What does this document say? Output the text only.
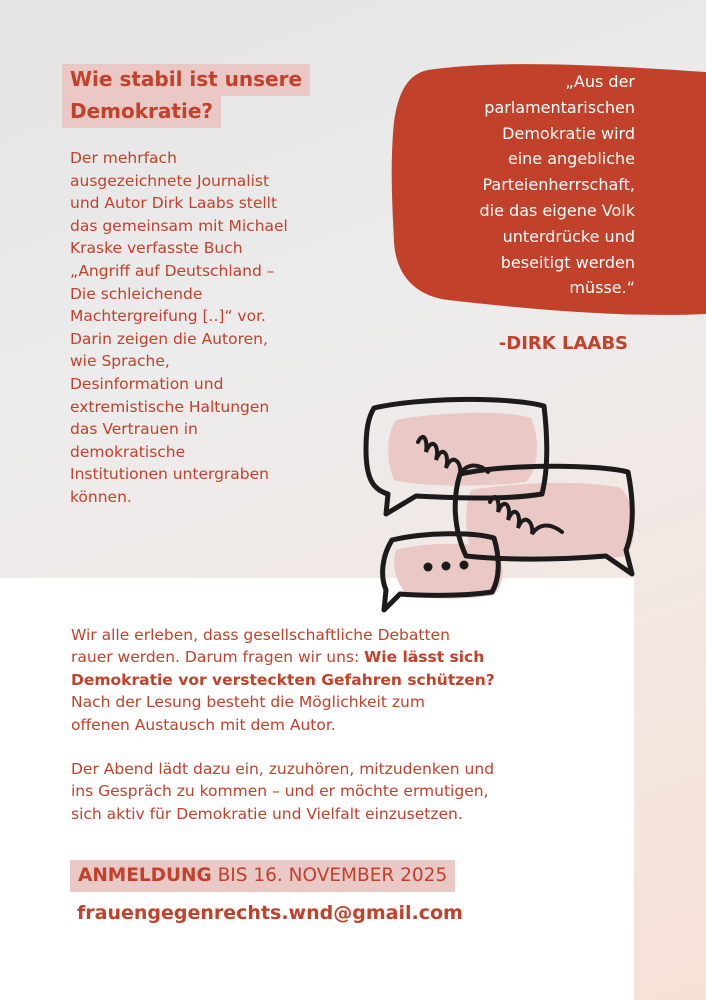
Wie stabil ist unsere
Demokratie?
Der mehrfach
ausgezeichnete Journalist
und Autor Dirk Laabs stellt
das gemeinsam mit Michael
Kraske verfasste Buch
„Angriff auf Deutschland –
Die schleichende
Machtergreifung [..]“ vor.
Darin zeigen die Autoren,
wie Sprache,
Desinformation und
extremistische Haltungen
das Vertrauen in
demokratische
Institutionen untergraben
können.
„Aus der
parlamentarischen
Demokratie wird
eine angebliche
Parteienherrschaft,
die das eigene Volk
unterdrücke und
beseitigt werden
müsse.“
-DIRK LAABS

Wir alle erleben, dass gesellschaftliche Debatten
rauer werden. Darum fragen wir uns: Wie lässt sich
Demokratie vor versteckten Gefahren schützen?
Nach der Lesung besteht die Möglichkeit zum
offenen Austausch mit dem Autor.

Der Abend lädt dazu ein, zuzuhören, mitzudenken und
ins Gespräch zu kommen – und er möchte ermutigen,
sich aktiv für Demokratie und Vielfalt einzusetzen.

ANMELDUNG BIS 16. NOVEMBER 2025
frauengegenrechts.wnd@gmail.com
